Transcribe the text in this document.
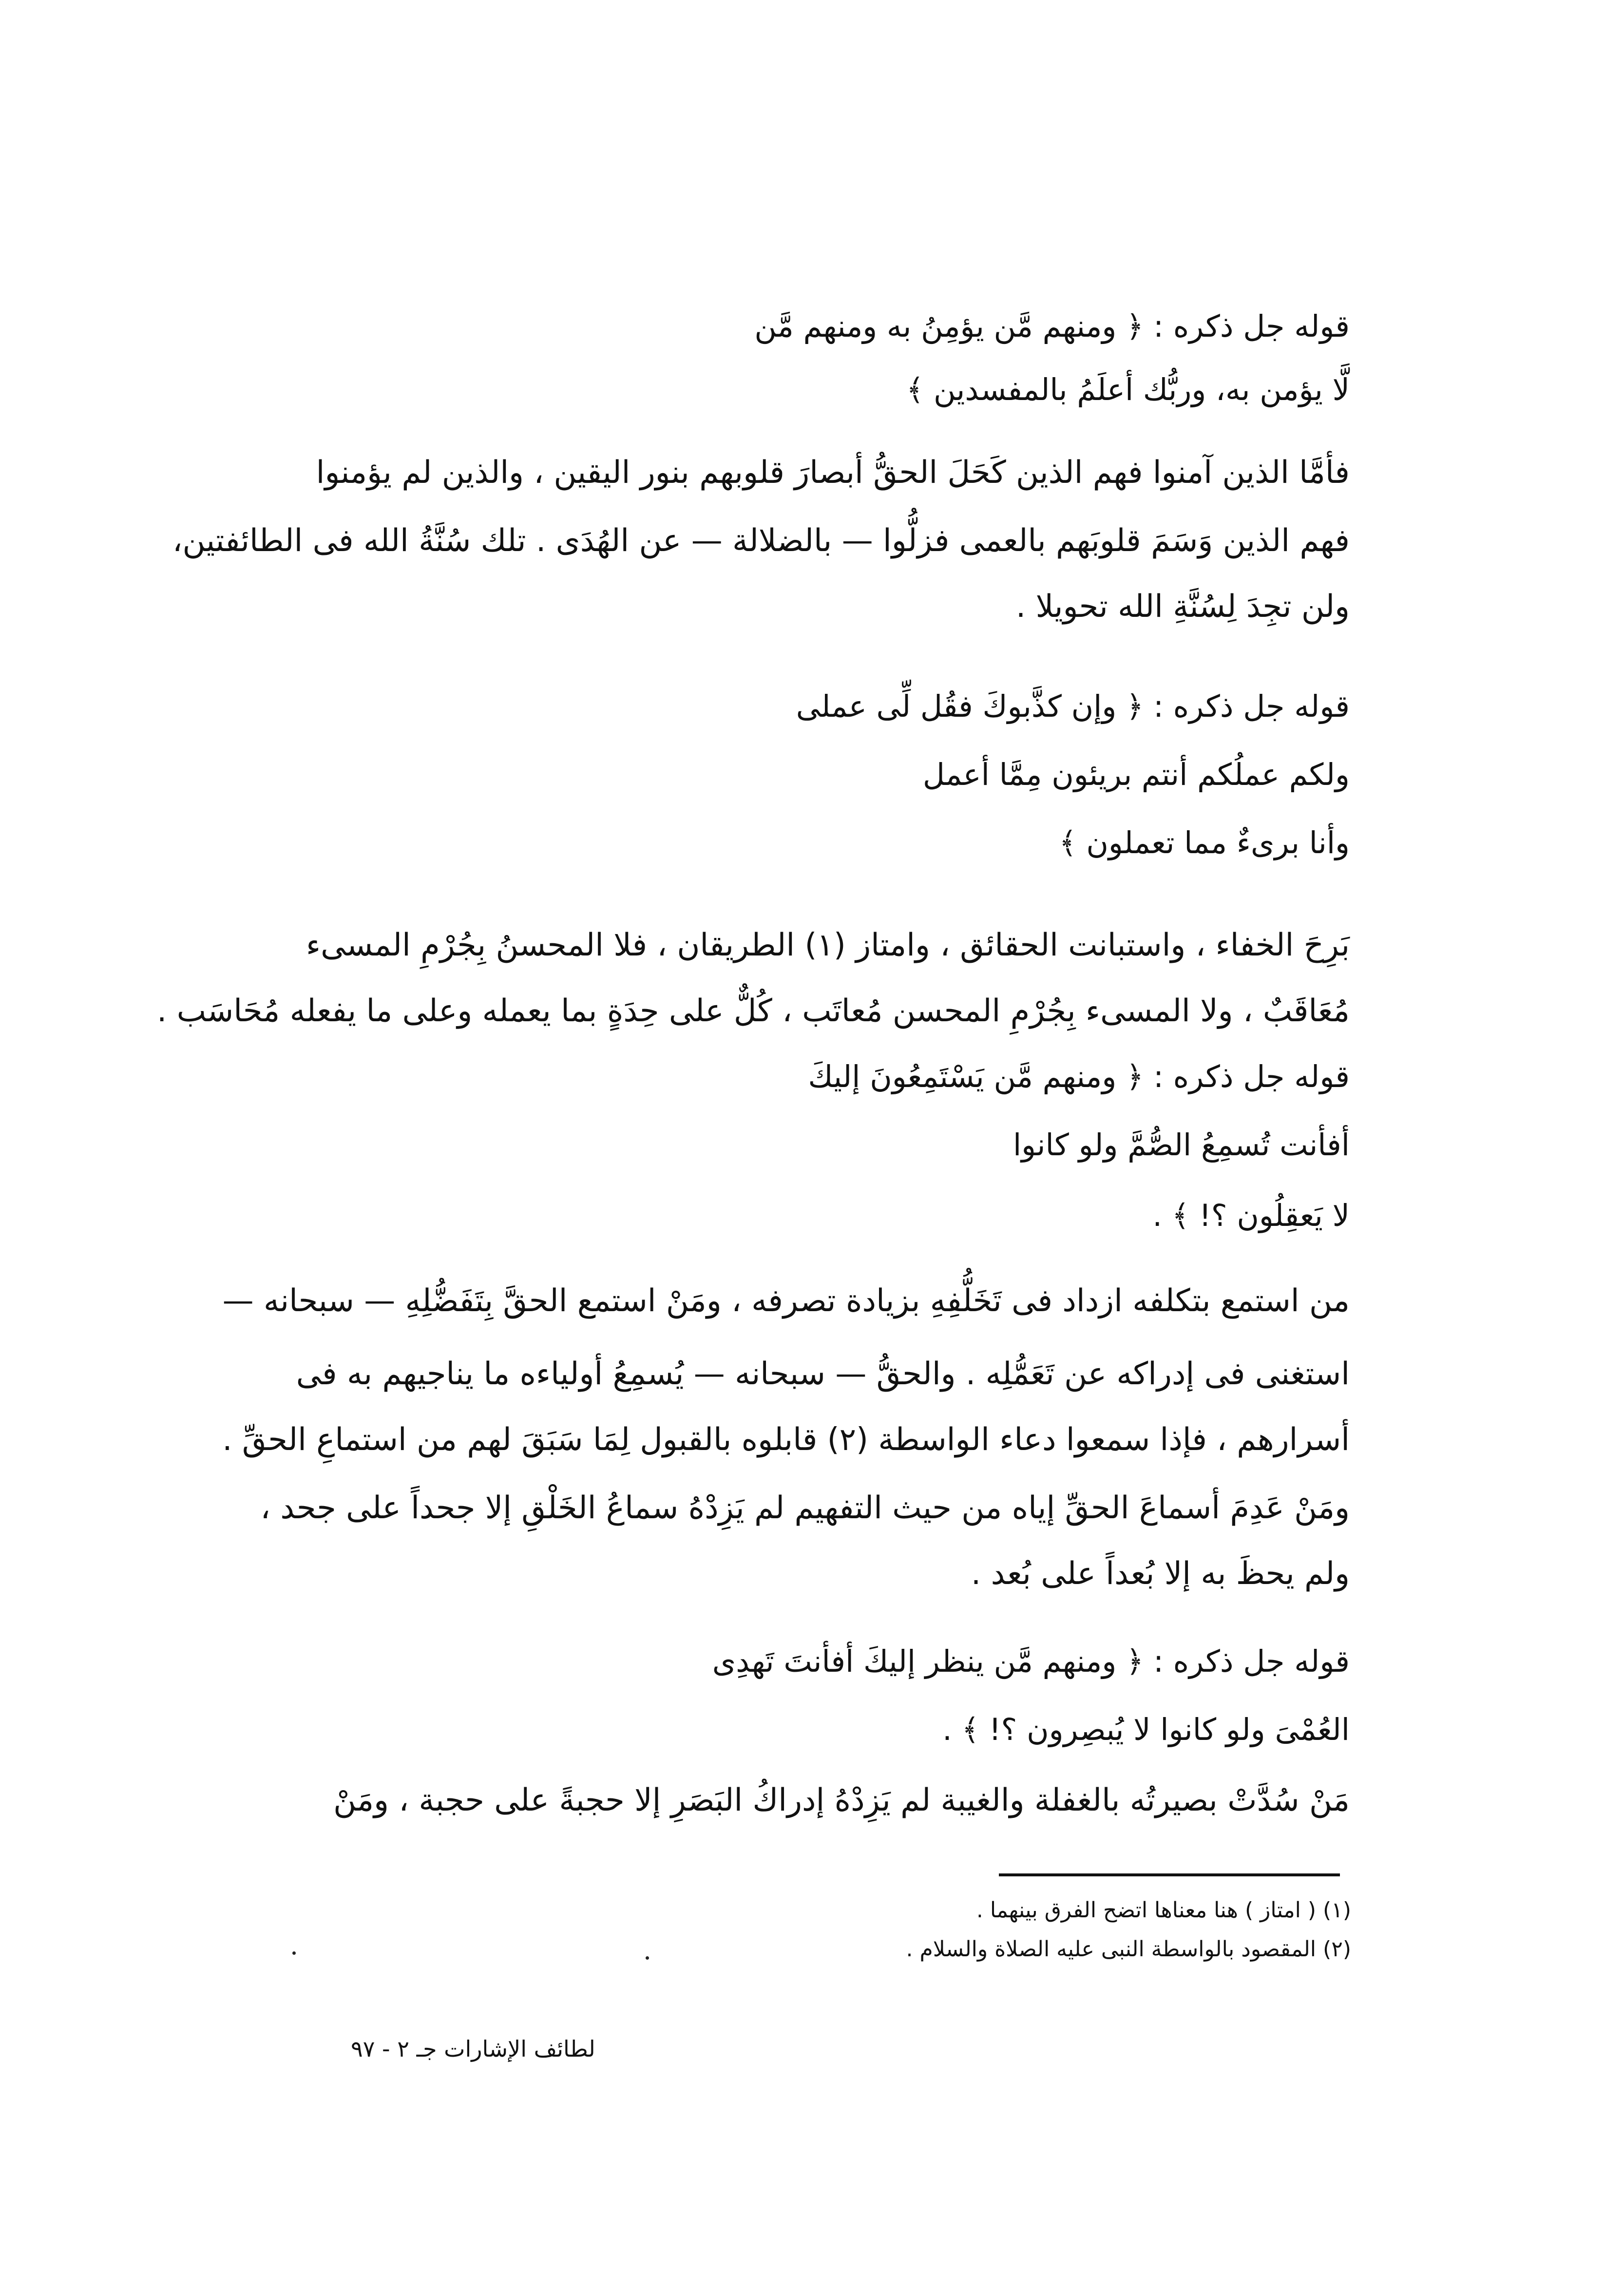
قوله جل ذكره : ﴿ ومنهم مَّن يؤمِنُ به ومنهم مَّن
لَّا يؤمن به، وربُّك أعلَمُ بالمفسدين ﴾
فأمَّا الذين آمنوا فهم الذين كَحَلَ الحقُّ أبصارَ قلوبهم بنور اليقين ، والذين لم يؤمنوا
فهم الذين وَسَمَ قلوبَهم بالعمى فزلُّوا — بالضلالة — عن الهُدَى . تلك سُنَّةُ الله فى الطائفتين،
ولن تجِدَ لِسُنَّةِ الله تحويلا .
قوله جل ذكره : ﴿ وإن كذَّبوكَ فقُل لِّى عملى
ولكم عملُكم أنتم بريئون مِمَّا أعمل
وأنا برىءٌ مما تعملون ﴾
بَرِحَ الخفاء ، واستبانت الحقائق ، وامتاز (١) الطريقان ، فلا المحسنُ بِجُرْمِ المسىء
مُعَاقَبٌ ، ولا المسىء بِجُرْمِ المحسن مُعاتَب ، كُلٌّ على حِدَةٍ بما يعمله وعلى ما يفعله مُحَاسَب .
قوله جل ذكره : ﴿ ومنهم مَّن يَسْتَمِعُونَ إليكَ
أفأنت تُسمِعُ الصُّمَّ ولو كانوا
لا يَعقِلُون ؟! ﴾ .
من استمع بتكلفه ازداد فى تَخَلُّفِهِ بزيادة تصرفه ، ومَنْ استمع الحقَّ بِتَفَضُّلِهِ — سبحانه —
استغنى فى إدراكه عن تَعَمُّلِه . والحقُّ — سبحانه — يُسمِعُ أولياءه ما يناجيهم به فى
أسرارهم ، فإذا سمعوا دعاء الواسطة (٢) قابلوه بالقبول لِمَا سَبَقَ لهم من استماعِ الحقِّ .
ومَنْ عَدِمَ أسماعَ الحقِّ إياه من حيث التفهيم لم يَزِدْهُ سماعُ الخَلْقِ إلا جحداً على جحد ،
ولم يحظَ به إلا بُعداً على بُعد .
قوله جل ذكره : ﴿ ومنهم مَّن ينظر إليكَ أفأنتَ تَهدِى
العُمْىَ ولو كانوا لا يُبصِرون ؟! ﴾ .
مَنْ سُدَّتْ بصيرتُه بالغفلة والغيبة لم يَزِدْهُ إدراكُ البَصَرِ إلا حجبةً على حجبة ، ومَنْ
(١) ( امتاز ) هنا معناها اتضح الفرق بينهما .
(٢) المقصود بالواسطة النبى عليه الصلاة والسلام .
لطائف الإشارات جـ ٢ - ٩٧
